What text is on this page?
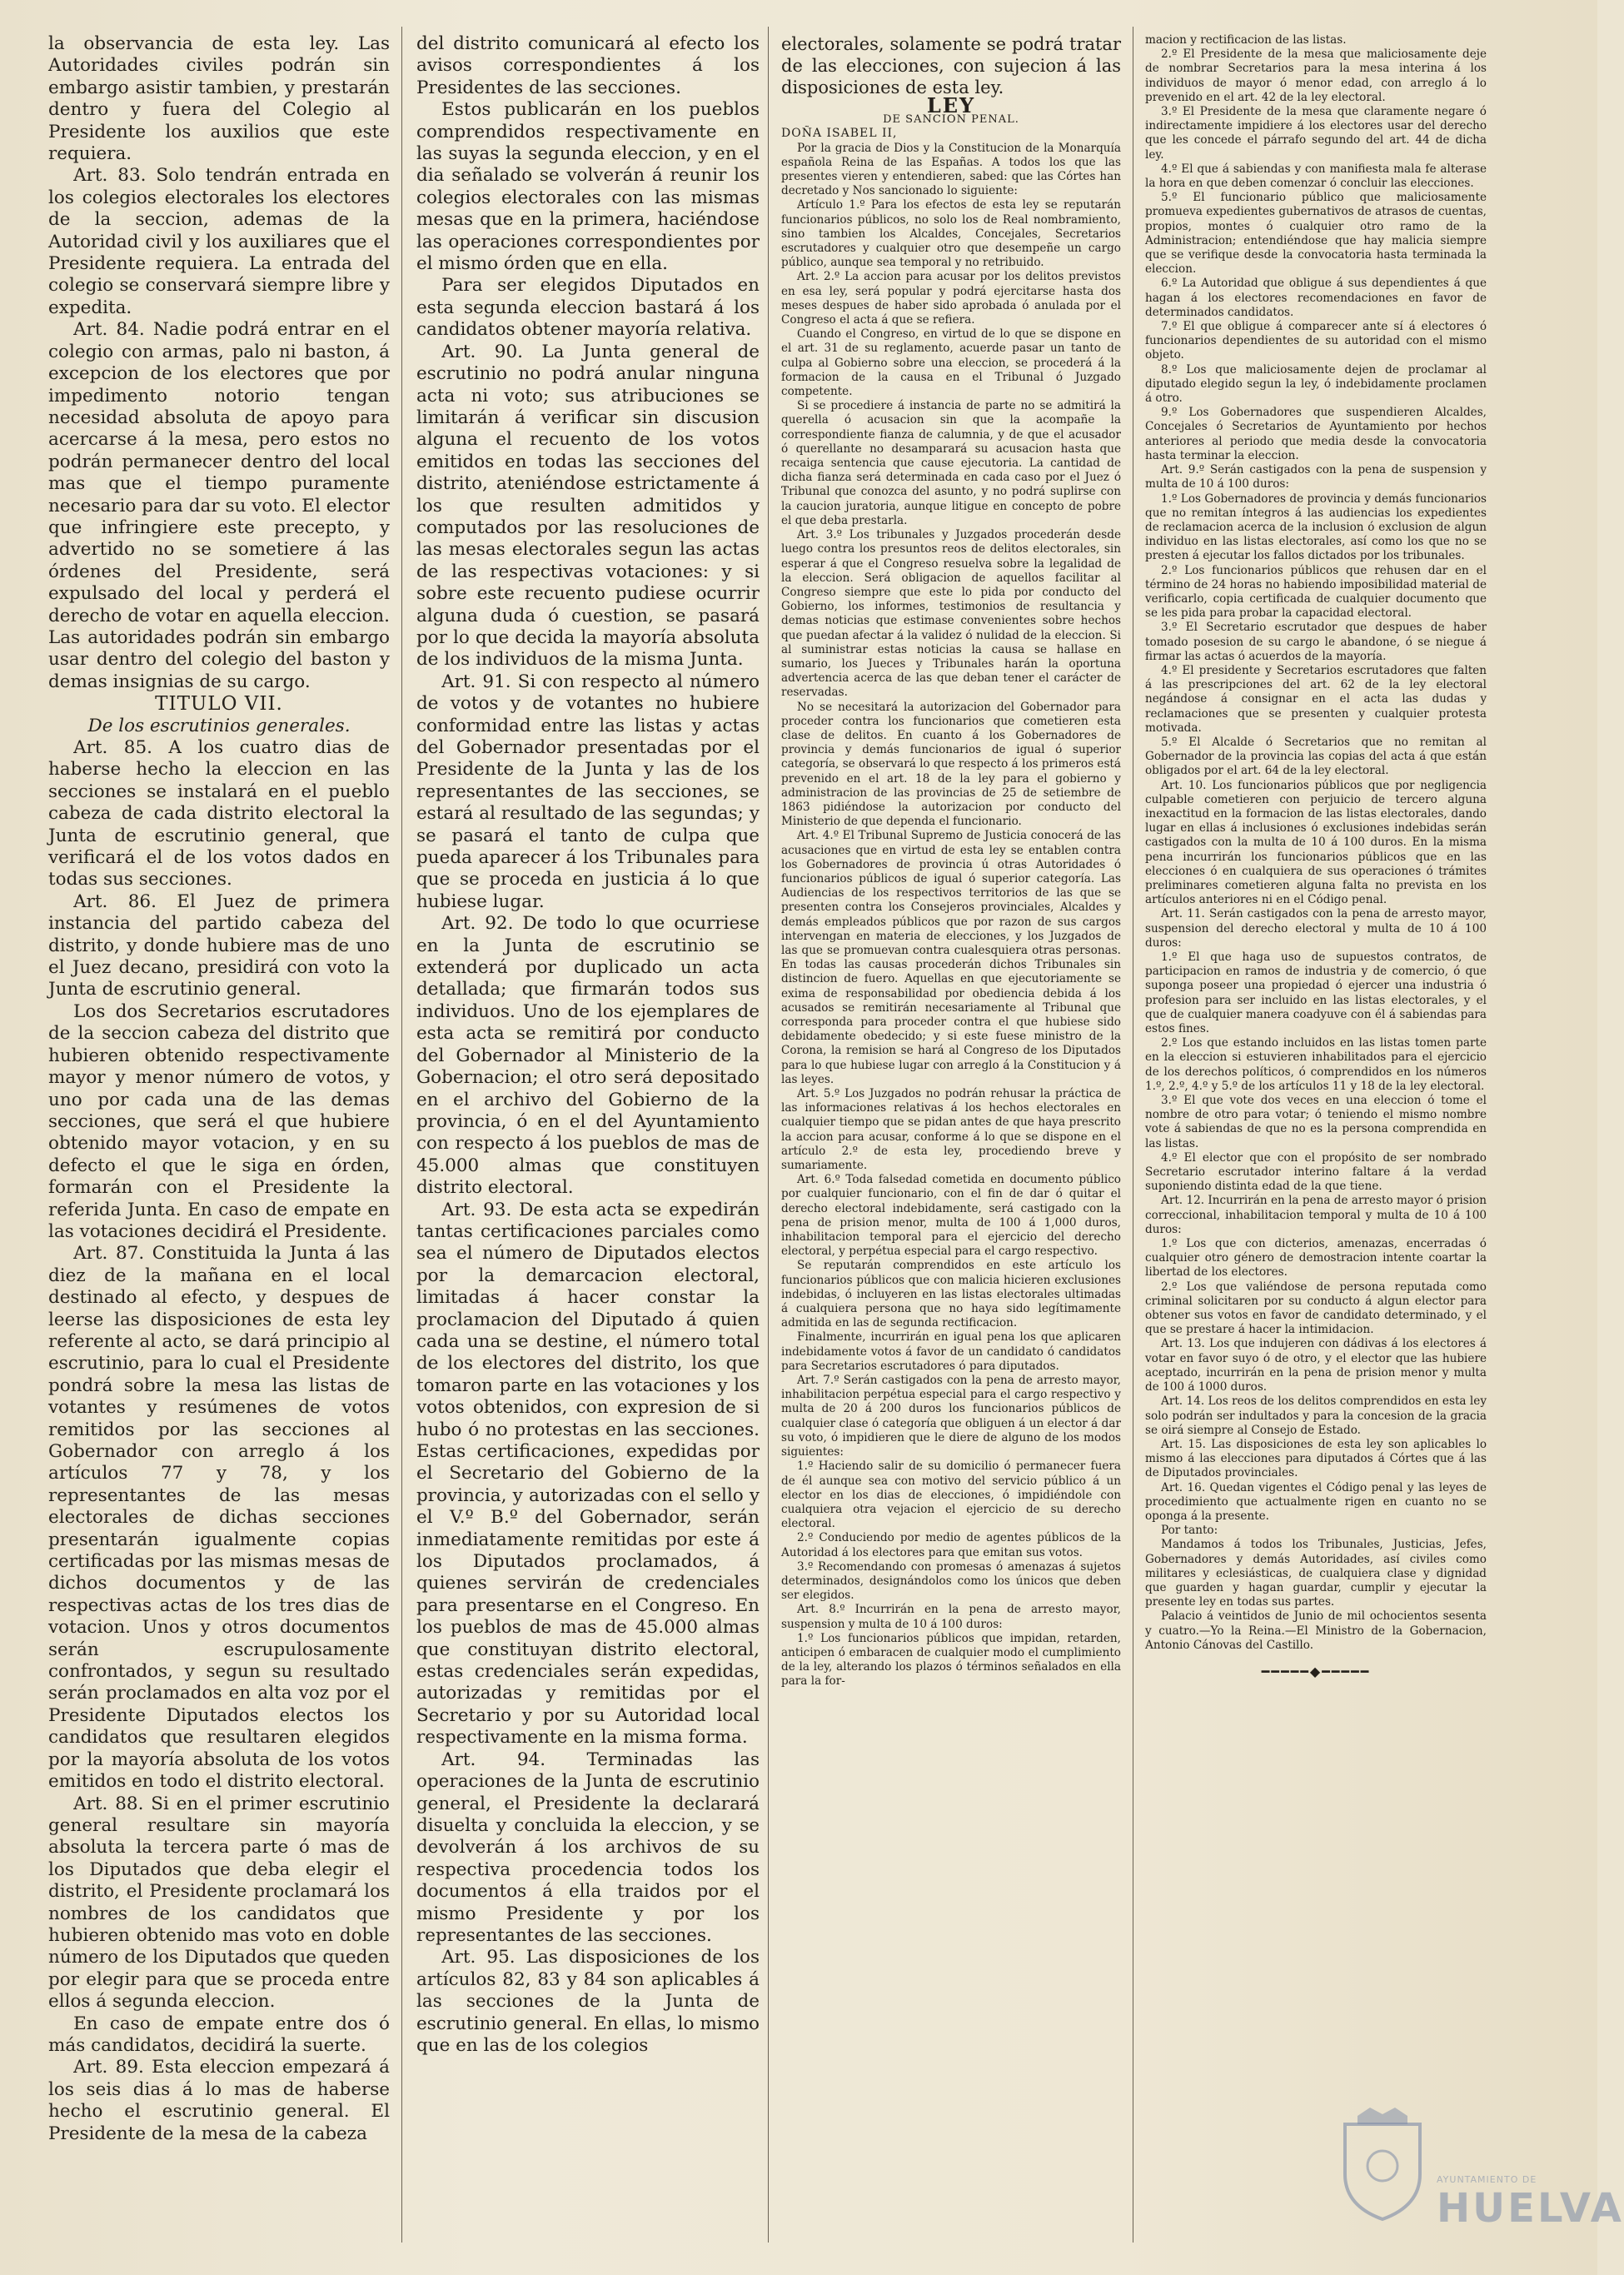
la observancia de esta ley. Las Autoridades civiles podrán sin embargo asistir tambien, y prestarán dentro y fuera del Colegio al Presidente los auxilios que este requiera.

Art. 83. Solo tendrán entrada en los colegios electorales los electores de la seccion, ademas de la Autoridad civil y los auxiliares que el Presidente requiera. La entrada del colegio se conservará siempre libre y expedita.

Art. 84. Nadie podrá entrar en el colegio con armas, palo ni baston, á excepcion de los electores que por impedimento notorio tengan necesidad absoluta de apoyo para acercarse á la mesa, pero estos no podrán permanecer dentro del local mas que el tiempo puramente necesario para dar su voto. El elector que infringiere este precepto, y advertido no se sometiere á las órdenes del Presidente, será expulsado del local y perderá el derecho de votar en aquella eleccion. Las autoridades podrán sin embargo usar dentro del colegio del baston y demas insignias de su cargo.

TITULO VII.

De los escrutinios generales.

Art. 85. A los cuatro dias de haberse hecho la eleccion en las secciones se instalará en el pueblo cabeza de cada distrito electoral la Junta de escrutinio general, que verificará el de los votos dados en todas sus secciones.

Art. 86. El Juez de primera instancia del partido cabeza del distrito, y donde hubiere mas de uno el Juez decano, presidirá con voto la Junta de escrutinio general.

Los dos Secretarios escrutadores de la seccion cabeza del distrito que hubieren obtenido respectivamente mayor y menor número de votos, y uno por cada una de las demas secciones, que será el que hubiere obtenido mayor votacion, y en su defecto el que le siga en órden, formarán con el Presidente la referida Junta. En caso de empate en las votaciones decidirá el Presidente.

Art. 87. Constituida la Junta á las diez de la mañana en el local destinado al efecto, y despues de leerse las disposiciones de esta ley referente al acto, se dará principio al escrutinio, para lo cual el Presidente pondrá sobre la mesa las listas de votantes y resúmenes de votos remitidos por las secciones al Gobernador con arreglo á los artículos 77 y 78, y los representantes de las mesas electorales de dichas secciones presentarán igualmente copias certificadas por las mismas mesas de dichos documentos y de las respectivas actas de los tres dias de votacion. Unos y otros documentos serán escrupulosamente confrontados, y segun su resultado serán proclamados en alta voz por el Presidente Diputados electos los candidatos que resultaren elegidos por la mayoría absoluta de los votos emitidos en todo el distrito electoral.

Art. 88. Si en el primer escrutinio general resultare sin mayoría absoluta la tercera parte ó mas de los Diputados que deba elegir el distrito, el Presidente proclamará los nombres de los candidatos que hubieren obtenido mas voto en doble número de los Diputados que queden por elegir para que se proceda entre ellos á segunda eleccion.

En caso de empate entre dos ó más candidatos, decidirá la suerte.

Art. 89. Esta eleccion empezará á los seis dias á lo mas de haberse hecho el escrutinio general. El Presidente de la mesa de la cabeza

del distrito comunicará al efecto los avisos correspondientes á los Presidentes de las secciones.

Estos publicarán en los pueblos comprendidos respectivamente en las suyas la segunda eleccion, y en el dia señalado se volverán á reunir los colegios electorales con las mismas mesas que en la primera, haciéndose las operaciones correspondientes por el mismo órden que en ella.

Para ser elegidos Diputados en esta segunda eleccion bastará á los candidatos obtener mayoría relativa.

Art. 90. La Junta general de escrutinio no podrá anular ninguna acta ni voto; sus atribuciones se limitarán á verificar sin discusion alguna el recuento de los votos emitidos en todas las secciones del distrito, ateniéndose estrictamente á los que resulten admitidos y computados por las resoluciones de las mesas electorales segun las actas de las respectivas votaciones: y si sobre este recuento pudiese ocurrir alguna duda ó cuestion, se pasará por lo que decida la mayoría absoluta de los individuos de la misma Junta.

Art. 91. Si con respecto al número de votos y de votantes no hubiere conformidad entre las listas y actas del Gobernador presentadas por el Presidente de la Junta y las de los representantes de las secciones, se estará al resultado de las segundas; y se pasará el tanto de culpa que pueda aparecer á los Tribunales para que se proceda en justicia á lo que hubiese lugar.

Art. 92. De todo lo que ocurriese en la Junta de escrutinio se extenderá por duplicado un acta detallada; que firmarán todos sus individuos. Uno de los ejemplares de esta acta se remitirá por conducto del Gobernador al Ministerio de la Gobernacion; el otro será depositado en el archivo del Gobierno de la provincia, ó en el del Ayuntamiento con respecto á los pueblos de mas de 45.000 almas que constituyen distrito electoral.

Art. 93. De esta acta se expedirán tantas certificaciones parciales como sea el número de Diputados electos por la demarcacion electoral, limitadas á hacer constar la proclamacion del Diputado á quien cada una se destine, el número total de los electores del distrito, los que tomaron parte en las votaciones y los votos obtenidos, con expresion de si hubo ó no protestas en las secciones. Estas certificaciones, expedidas por el Secretario del Gobierno de la provincia, y autorizadas con el sello y el V.º B.º del Gobernador, serán inmediatamente remitidas por este á los Diputados proclamados, á quienes servirán de credenciales para presentarse en el Congreso. En los pueblos de mas de 45.000 almas que constituyan distrito electoral, estas credenciales serán expedidas, autorizadas y remitidas por el Secretario y por su Autoridad local respectivamente en la misma forma.

Art. 94. Terminadas las operaciones de la Junta de escrutinio general, el Presidente la declarará disuelta y concluida la eleccion, y se devolverán á los archivos de su respectiva procedencia todos los documentos á ella traidos por el mismo Presidente y por los representantes de las secciones.

Art. 95. Las disposiciones de los artículos 82, 83 y 84 son aplicables á las secciones de la Junta de escrutinio general. En ellas, lo mismo que en las de los colegios

electorales, solamente se podrá tratar de las elecciones, con sujecion á las disposiciones de esta ley.

LEY

DE SANCION PENAL.

DOÑA ISABEL II,

Por la gracia de Dios y la Constitucion de la Monarquía española Reina de las Españas. A todos los que las presentes vieren y entendieren, sabed: que las Córtes han decretado y Nos sancionado lo siguiente:

Artículo 1.º Para los efectos de esta ley se reputarán funcionarios públicos, no solo los de Real nombramiento, sino tambien los Alcaldes, Concejales, Secretarios escrutadores y cualquier otro que desempeñe un cargo público, aunque sea temporal y no retribuido.

Art. 2.º La accion para acusar por los delitos previstos en esa ley, será popular y podrá ejercitarse hasta dos meses despues de haber sido aprobada ó anulada por el Congreso el acta á que se refiera.

Cuando el Congreso, en virtud de lo que se dispone en el art. 31 de su reglamento, acuerde pasar un tanto de culpa al Gobierno sobre una eleccion, se procederá á la formacion de la causa en el Tribunal ó Juzgado competente.

Si se procediere á instancia de parte no se admitirá la querella ó acusacion sin que la acompañe la correspondiente fianza de calumnia, y de que el acusador ó querellante no desamparará su acusacion hasta que recaiga sentencia que cause ejecutoria. La cantidad de dicha fianza será determinada en cada caso por el Juez ó Tribunal que conozca del asunto, y no podrá suplirse con la caucion juratoria, aunque litigue en concepto de pobre el que deba prestarla.

Art. 3.º Los tribunales y Juzgados procederán desde luego contra los presuntos reos de delitos electorales, sin esperar á que el Congreso resuelva sobre la legalidad de la eleccion. Será obligacion de aquellos facilitar al Congreso siempre que este lo pida por conducto del Gobierno, los informes, testimonios de resultancia y demas noticias que estimase convenientes sobre hechos que puedan afectar á la validez ó nulidad de la eleccion. Si al suministrar estas noticias la causa se hallase en sumario, los Jueces y Tribunales harán la oportuna advertencia acerca de las que deban tener el carácter de reservadas.

No se necesitará la autorizacion del Gobernador para proceder contra los funcionarios que cometieren esta clase de delitos. En cuanto á los Gobernadores de provincia y demás funcionarios de igual ó superior categoría, se observará lo que respecto á los primeros está prevenido en el art. 18 de la ley para el gobierno y administracion de las provincias de 25 de setiembre de 1863 pidiéndose la autorizacion por conducto del Ministerio de que dependa el funcionario.

Art. 4.º El Tribunal Supremo de Justicia conocerá de las acusaciones que en virtud de esta ley se entablen contra los Gobernadores de provincia ú otras Autoridades ó funcionarios públicos de igual ó superior categoría. Las Audiencias de los respectivos territorios de las que se presenten contra los Consejeros provinciales, Alcaldes y demás empleados públicos que por razon de sus cargos intervengan en materia de elecciones, y los Juzgados de las que se promuevan contra cualesquiera otras personas. En todas las causas procederán dichos Tribunales sin distincion de fuero. Aquellas en que ejecutoriamente se exima de responsabilidad por obediencia debida á los acusados se remitirán necesariamente al Tribunal que corresponda para proceder contra el que hubiese sido debidamente obedecido; y si este fuese ministro de la Corona, la remision se hará al Congreso de los Diputados para lo que hubiese lugar con arreglo á la Constitucion y á las leyes.

Art. 5.º Los Juzgados no podrán rehusar la práctica de las informaciones relativas á los hechos electorales en cualquier tiempo que se pidan antes de que haya prescrito la accion para acusar, conforme á lo que se dispone en el artículo 2.º de esta ley, procediendo breve y sumariamente.

Art. 6.º Toda falsedad cometida en documento público por cualquier funcionario, con el fin de dar ó quitar el derecho electoral indebidamente, será castigado con la pena de prision menor, multa de 100 á 1,000 duros, inhabilitacion temporal para el ejercicio del derecho electoral, y perpétua especial para el cargo respectivo.

Se reputarán comprendidos en este artículo los funcionarios públicos que con malicia hicieren exclusiones indebidas, ó incluyeren en las listas electorales ultimadas á cualquiera persona que no haya sido legítimamente admitida en las de segunda rectificacion.

Finalmente, incurrirán en igual pena los que aplicaren indebidamente votos á favor de un candidato ó candidatos para Secretarios escrutadores ó para diputados.

Art. 7.º Serán castigados con la pena de arresto mayor, inhabilitacion perpétua especial para el cargo respectivo y multa de 20 á 200 duros los funcionarios públicos de cualquier clase ó categoría que obliguen á un elector á dar su voto, ó impidieren que le diere de alguno de los modos siguientes:

1.º Haciendo salir de su domicilio ó permanecer fuera de él aunque sea con motivo del servicio público á un elector en los dias de elecciones, ó impidiéndole con cualquiera otra vejacion el ejercicio de su derecho electoral.

2.º Conduciendo por medio de agentes públicos de la Autoridad á los electores para que emitan sus votos.

3.º Recomendando con promesas ó amenazas á sujetos determinados, designándolos como los únicos que deben ser elegidos.

Art. 8.º Incurrirán en la pena de arresto mayor, suspension y multa de 10 á 100 duros:

1.º Los funcionarios públicos que impidan, retarden, anticipen ó embaracen de cualquier modo el cumplimiento de la ley, alterando los plazos ó términos señalados en ella para la for-

macion y rectificacion de las listas.

2.º El Presidente de la mesa que maliciosamente deje de nombrar Secretarios para la mesa interina á los individuos de mayor ó menor edad, con arreglo á lo prevenido en el art. 42 de la ley electoral.

3.º El Presidente de la mesa que claramente negare ó indirectamente impidiere á los electores usar del derecho que les concede el párrafo segundo del art. 44 de dicha ley.

4.º El que á sabiendas y con manifiesta mala fe alterase la hora en que deben comenzar ó concluir las elecciones.

5.º El funcionario público que maliciosamente promueva expedientes gubernativos de atrasos de cuentas, propios, montes ó cualquier otro ramo de la Administracion; entendiéndose que hay malicia siempre que se verifique desde la convocatoria hasta terminada la eleccion.

6.º La Autoridad que obligue á sus dependientes á que hagan á los electores recomendaciones en favor de determinados candidatos.

7.º El que obligue á comparecer ante sí á electores ó funcionarios dependientes de su autoridad con el mismo objeto.

8.º Los que maliciosamente dejen de proclamar al diputado elegido segun la ley, ó indebidamente proclamen á otro.

9.º Los Gobernadores que suspendieren Alcaldes, Concejales ó Secretarios de Ayuntamiento por hechos anteriores al periodo que media desde la convocatoria hasta terminar la eleccion.

Art. 9.º Serán castigados con la pena de suspension y multa de 10 á 100 duros:

1.º Los Gobernadores de provincia y demás funcionarios que no remitan íntegros á las audiencias los expedientes de reclamacion acerca de la inclusion ó exclusion de algun individuo en las listas electorales, así como los que no se presten á ejecutar los fallos dictados por los tribunales.

2.º Los funcionarios públicos que rehusen dar en el término de 24 horas no habiendo imposibilidad material de verificarlo, copia certificada de cualquier documento que se les pida para probar la capacidad electoral.

3.º El Secretario escrutador que despues de haber tomado posesion de su cargo le abandone, ó se niegue á firmar las actas ó acuerdos de la mayoría.

4.º El presidente y Secretarios escrutadores que falten á las prescripciones del art. 62 de la ley electoral negándose á consignar en el acta las dudas y reclamaciones que se presenten y cualquier protesta motivada.

5.º El Alcalde ó Secretarios que no remitan al Gobernador de la provincia las copias del acta á que están obligados por el art. 64 de la ley electoral.

Art. 10. Los funcionarios públicos que por negligencia culpable cometieren con perjuicio de tercero alguna inexactitud en la formacion de las listas electorales, dando lugar en ellas á inclusiones ó exclusiones indebidas serán castigados con la multa de 10 á 100 duros. En la misma pena incurrirán los funcionarios públicos que en las elecciones ó en cualquiera de sus operaciones ó trámites preliminares cometieren alguna falta no prevista en los artículos anteriores ni en el Código penal.

Art. 11. Serán castigados con la pena de arresto mayor, suspension del derecho electoral y multa de 10 á 100 duros:

1.º El que haga uso de supuestos contratos, de participacion en ramos de industria y de comercio, ó que suponga poseer una propiedad ó ejercer una industria ó profesion para ser incluido en las listas electorales, y el que de cualquier manera coadyuve con él á sabiendas para estos fines.

2.º Los que estando incluidos en las listas tomen parte en la eleccion si estuvieren inhabilitados para el ejercicio de los derechos políticos, ó comprendidos en los números 1.º, 2.º, 4.º y 5.º de los artículos 11 y 18 de la ley electoral.

3.º El que vote dos veces en una eleccion ó tome el nombre de otro para votar; ó teniendo el mismo nombre vote á sabiendas de que no es la persona comprendida en las listas.

4.º El elector que con el propósito de ser nombrado Secretario escrutador interino faltare á la verdad suponiendo distinta edad de la que tiene.

Art. 12. Incurrirán en la pena de arresto mayor ó prision correccional, inhabilitacion temporal y multa de 10 á 100 duros:

1.º Los que con dicterios, amenazas, encerradas ó cualquier otro género de demostracion intente coartar la libertad de los electores.

2.º Los que valiéndose de persona reputada como criminal solicitaren por su conducto á algun elector para obtener sus votos en favor de candidato determinado, y el que se prestare á hacer la intimidacion.

Art. 13. Los que indujeren con dádivas á los electores á votar en favor suyo ó de otro, y el elector que las hubiere aceptado, incurrirán en la pena de prision menor y multa de 100 á 1000 duros.

Art. 14. Los reos de los delitos comprendidos en esta ley solo podrán ser indultados y para la concesion de la gracia se oirá siempre al Consejo de Estado.

Art. 15. Las disposiciones de esta ley son aplicables lo mismo á las elecciones para diputados á Córtes que á las de Diputados provinciales.

Art. 16. Quedan vigentes el Código penal y las leyes de procedimiento que actualmente rigen en cuanto no se oponga á la presente.

Por tanto:

Mandamos á todos los Tribunales, Justicias, Jefes, Gobernadores y demás Autoridades, así civiles como militares y eclesiásticas, de cualquiera clase y dignidad que guarden y hagan guardar, cumplir y ejecutar la presente ley en todas sus partes.

Palacio á veintidos de Junio de mil ochocientos sesenta y cuatro.—Yo la Reina.—El Ministro de la Gobernacion, Antonio Cánovas del Castillo.

━━━━━◆━━━━━
AYUNTAMIENTO DE
HUELVA
